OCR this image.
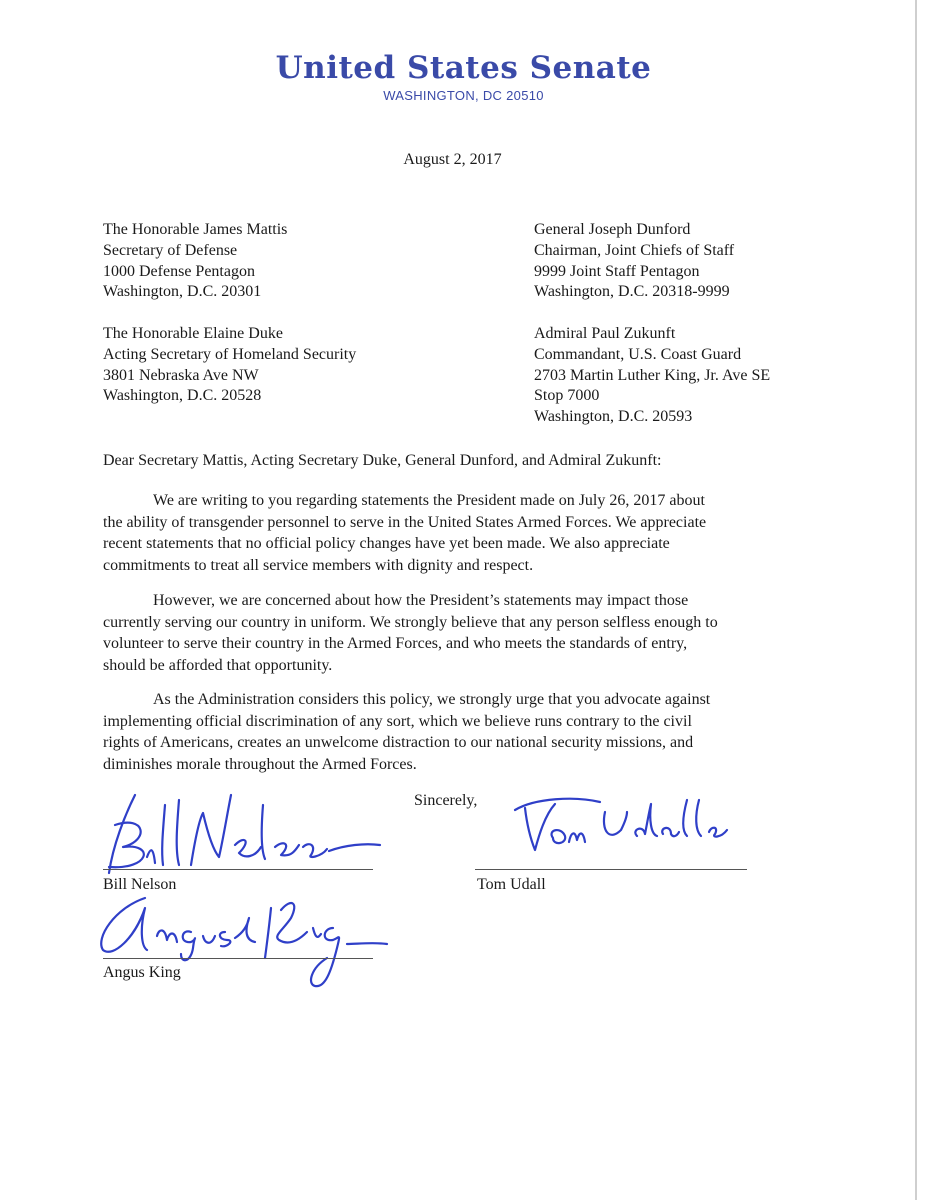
United States Senate
WASHINGTON, DC 20510
August 2, 2017
The Honorable James Mattis
Secretary of Defense
1000 Defense Pentagon
Washington, D.C. 20301
General Joseph Dunford
Chairman, Joint Chiefs of Staff
9999 Joint Staff Pentagon
Washington, D.C. 20318-9999
The Honorable Elaine Duke
Acting Secretary of Homeland Security
3801 Nebraska Ave NW
Washington, D.C. 20528
Admiral Paul Zukunft
Commandant, U.S. Coast Guard
2703 Martin Luther King, Jr. Ave SE
Stop 7000
Washington, D.C. 20593
Dear Secretary Mattis, Acting Secretary Duke, General Dunford, and Admiral Zukunft:
We are writing to you regarding statements the President made on July 26, 2017 about
the ability of transgender personnel to serve in the United States Armed Forces. We appreciate
recent statements that no official policy changes have yet been made. We also appreciate
commitments to treat all service members with dignity and respect.
However, we are concerned about how the President’s statements may impact those
currently serving our country in uniform. We strongly believe that any person selfless enough to
volunteer to serve their country in the Armed Forces, and who meets the standards of entry,
should be afforded that opportunity.
As the Administration considers this policy, we strongly urge that you advocate against
implementing official discrimination of any sort, which we believe runs contrary to the civil
rights of Americans, creates an unwelcome distraction to our national security missions, and
diminishes morale throughout the Armed Forces.
Sincerely,
Bill Nelson	Tom Udall
Angus King
